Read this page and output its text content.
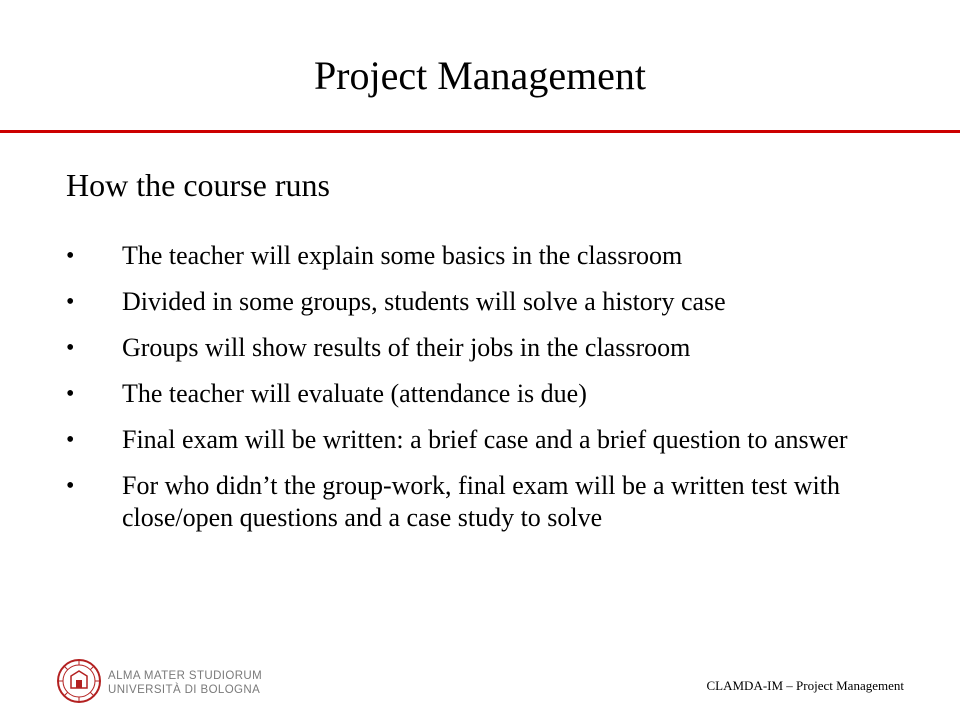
Project Management
How the course runs
• The teacher will explain some basics in the classroom
• Divided in some groups, students will solve a history case
• Groups will show results of their jobs in the classroom
• The teacher will evaluate (attendance is due)
• Final exam will be written: a brief case and a brief question to answer
• For who didn’t the group-work, final exam will be a written test with close/open questions and a case study to solve
ALMA MATER STUDIORUM
UNIVERSITÀ DI BOLOGNA	CLAMDA-IM – Project Management
